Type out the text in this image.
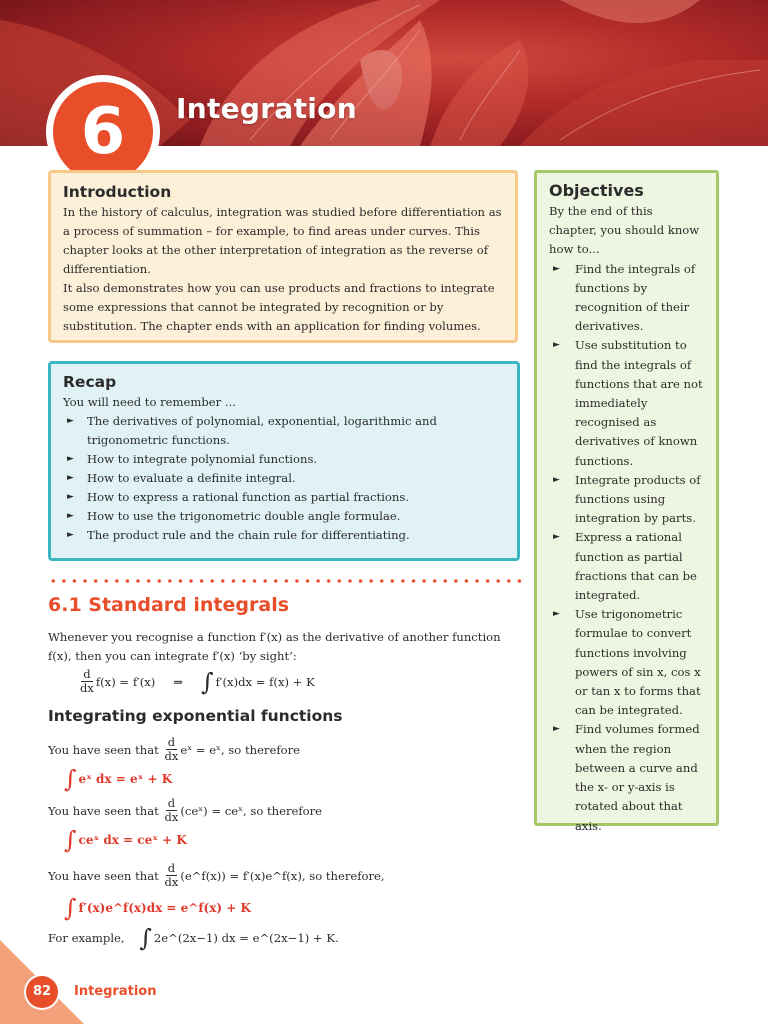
6	Integration
Introduction

In the history of calculus, integration was studied before differentiation as a process of summation – for example, to find areas under curves. This chapter looks at the other interpretation of integration as the reverse of differentiation.

It also demonstrates how you can use products and fractions to integrate some expressions that cannot be integrated by recognition or by substitution. The chapter ends with an application for finding volumes.

Recap

You will need to remember ...

► The derivatives of polynomial, exponential, logarithmic and trigonometric functions.
► How to integrate polynomial functions.
► How to evaluate a definite integral.
► How to express a rational function as partial fractions.
► How to use the trigonometric double angle formulae.
► The product rule and the chain rule for differentiating.
Objectives

By the end of this chapter, you should know how to...

► Find the integrals of functions by recognition of their derivatives.
► Use substitution to find the integrals of functions that are not immediately recognised as derivatives of known functions.
► Integrate products of functions using integration by parts.
► Express a rational function as partial fractions that can be integrated.
► Use trigonometric formulae to convert functions involving powers of sin x, cos x or tan x to forms that can be integrated.
► Find volumes formed when the region between a curve and the x- or y-axis is rotated about that axis.
6.1 Standard integrals

Whenever you recognise a function f′(x) as the derivative of another function f(x), then you can integrate f′(x) ‘by sight’:

$\frac{d}{dx} f(x) = f'(x)$ ⇒ ∫ f′(x)dx = f(x) + K
Integrating exponential functions
You have seen that
$\frac{d}{dx}$ eˣ = eˣ, so therefore
∫ eˣ dx = eˣ + K
You have seen that
$\frac{d}{dx}$ (ceˣ) = ceˣ, so therefore
∫ ceˣ dx = ceˣ + K
You have seen that
$\frac{d}{dx}$ (e^f(x)) = f′(x)e^f(x), so therefore,
∫ f′(x)e^f(x)dx = e^f(x) + K
For example,
∫ 2e^(2x−1) dx = e^(2x−1) + K.
82	Integration
